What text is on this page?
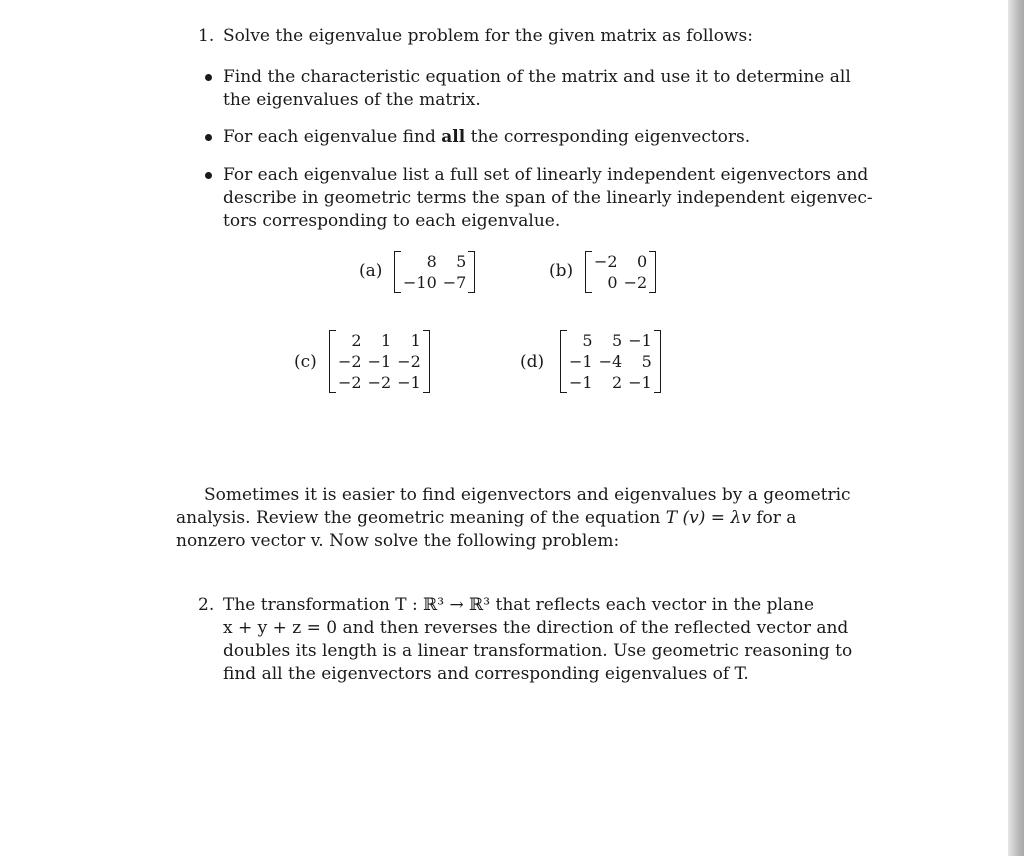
1. Solve the eigenvalue problem for the given matrix as follows:
Find the characteristic equation of the matrix and use it to determine all
the eigenvalues of the matrix.
For each eigenvalue find all the corresponding eigenvectors.
For each eigenvalue list a full set of linearly independent eigenvectors and
describe in geometric terms the span of the linearly independent eigenvec-
tors corresponding to each eigenvalue.
(a)	8	5
−10 −7
(b) −2	0
0 −2
(c)
2	1	1
−2 −1 −2
−2 −2 −1
(d)
5	5 −1
−1 −4	5
−1	2 −1
Sometimes it is easier to find eigenvectors and eigenvalues by a geometric
analysis. Review the geometric meaning of the equation T (v) = λv for a
nonzero vector v. Now solve the following problem:
2. The transformation T : ℝ³ → ℝ³ that reflects each vector in the plane
x + y + z = 0 and then reverses the direction of the reflected vector and
doubles its length is a linear transformation. Use geometric reasoning to
find all the eigenvectors and corresponding eigenvalues of T.
